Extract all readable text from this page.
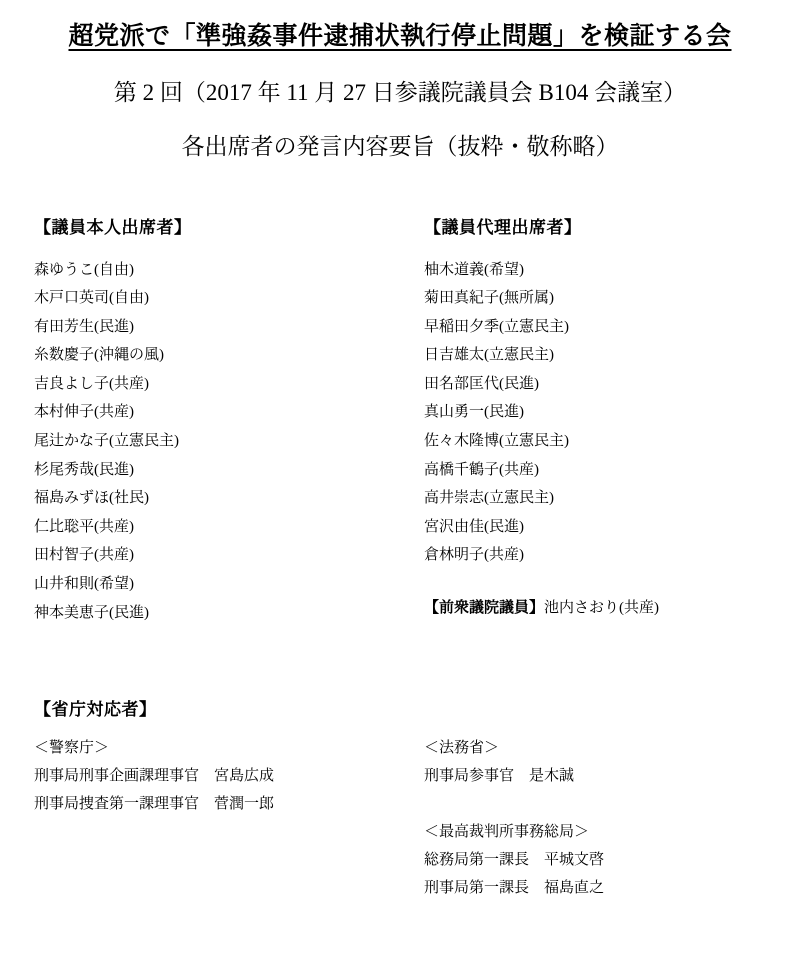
超党派で「準強姦事件逮捕状執行停止問題」を検証する会
第 2 回（2017 年 11 月 27 日参議院議員会 B104 会議室）
各出席者の発言内容要旨（抜粋・敬称略）
【議員本人出席者】
森ゆうこ(自由)
木戸口英司(自由)
有田芳生(民進)
糸数慶子(沖縄の風)
吉良よし子(共産)
本村伸子(共産)
尾辻かな子(立憲民主)
杉尾秀哉(民進)
福島みずほ(社民)
仁比聡平(共産)
田村智子(共産)
山井和則(希望)
神本美恵子(民進)
【議員代理出席者】
柚木道義(希望)
菊田真紀子(無所属)
早稲田夕季(立憲民主)
日吉雄太(立憲民主)
田名部匡代(民進)
真山勇一(民進)
佐々木隆博(立憲民主)
高橋千鶴子(共産)
高井崇志(立憲民主)
宮沢由佳(民進)
倉林明子(共産)
【前衆議院議員】池内さおり(共産)
【省庁対応者】
＜警察庁＞
刑事局刑事企画課理事官　宮島広成
刑事局捜査第一課理事官　菅潤一郎
＜法務省＞
刑事局参事官　是木誠
＜最高裁判所事務総局＞
総務局第一課長　平城文啓
刑事局第一課長　福島直之
